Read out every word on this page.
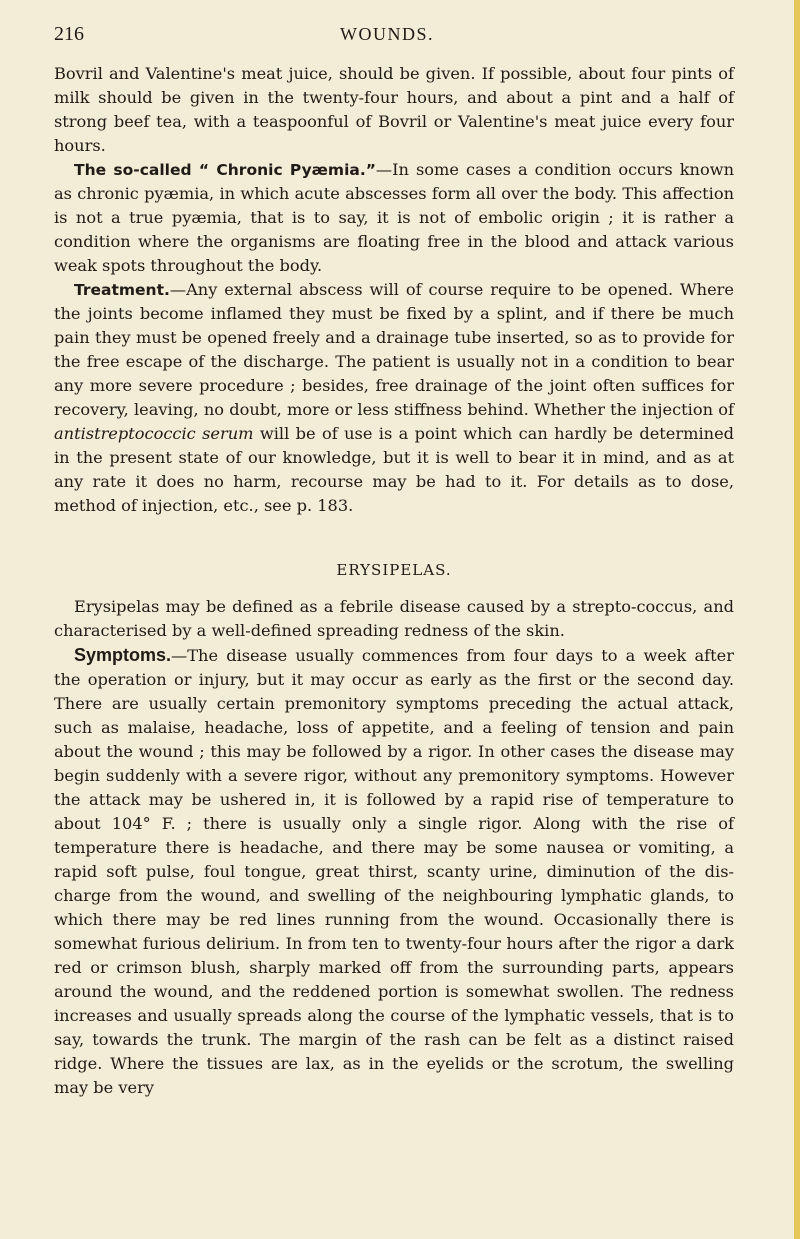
216	WOUNDS.

Bovril and Valentine's meat juice, should be given. If possible, about four pints of milk should be given in the twenty-four hours, and about a pint and a half of strong beef tea, with a teaspoonful of Bovril or Valentine's meat juice every four hours.

The so-called “ Chronic Pyæmia.”—In some cases a condition occurs known as chronic pyæmia, in which acute abscesses form all over the body. This affection is not a true pyæmia, that is to say, it is not of embolic origin ; it is rather a condition where the organisms are floating free in the blood and attack various weak spots throughout the body.

Treatment.—Any external abscess will of course require to be opened. Where the joints become inflamed they must be fixed by a splint, and if there be much pain they must be opened freely and a drainage tube inserted, so as to provide for the free escape of the discharge. The patient is usually not in a condition to bear any more severe procedure ; besides, free drainage of the joint often suffices for recovery, leaving, no doubt, more or less stiffness behind. Whether the injection of antistreptococcic serum will be of use is a point which can hardly be determined in the present state of our knowledge, but it is well to bear it in mind, and as at any rate it does no harm, recourse may be had to it. For details as to dose, method of injection, etc., see p. 183.

ERYSIPELAS.

Erysipelas may be defined as a febrile disease caused by a strepto-coccus, and characterised by a well-defined spreading redness of the skin.

Symptoms.—The disease usually commences from four days to a week after the operation or injury, but it may occur as early as the first or the second day. There are usually certain premonitory symptoms preceding the actual attack, such as malaise, headache, loss of appetite, and a feeling of tension and pain about the wound ; this may be followed by a rigor. In other cases the disease may begin suddenly with a severe rigor, without any premonitory symptoms. However the attack may be ushered in, it is followed by a rapid rise of temperature to about 104° F. ; there is usually only a single rigor. Along with the rise of temperature there is headache, and there may be some nausea or vomiting, a rapid soft pulse, foul tongue, great thirst, scanty urine, diminution of the dis-charge from the wound, and swelling of the neighbouring lymphatic glands, to which there may be red lines running from the wound. Occasionally there is somewhat furious delirium. In from ten to twenty-four hours after the rigor a dark red or crimson blush, sharply marked off from the surrounding parts, appears around the wound, and the reddened portion is somewhat swollen. The redness increases and usually spreads along the course of the lymphatic vessels, that is to say, towards the trunk. The margin of the rash can be felt as a distinct raised ridge. Where the tissues are lax, as in the eyelids or the scrotum, the swelling may be very
